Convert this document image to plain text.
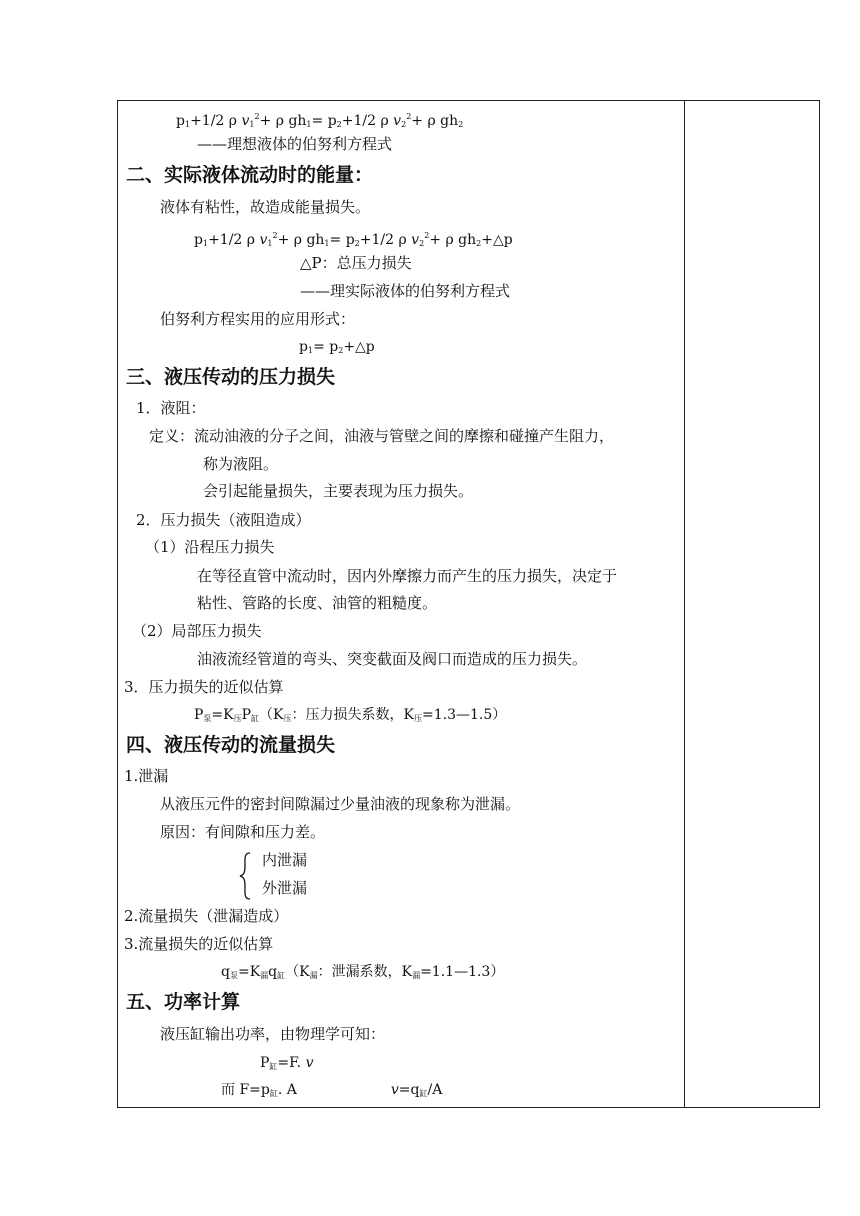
$p_1+1/2$ ρ $v_1^2+ \rho$ $gh_1= p_2+1/2$ ρ $v_2^2+ \rho$ $gh_2$
——理想液体的伯努利方程式
二、实际液体流动时的能量：
液体有粘性，故造成能量损失。
$p_1+1/2$ ρ $v_1^2+ \rho$ $gh_1= p_2+1/2$ ρ $v_2^2+ \rho$ $gh_2+\triangle p$
△P：总压力损失
——理实际液体的伯努利方程式
伯努利方程实用的应用形式：
$p_1=$ $p_2+\triangle p$
三、液压传动的压力损失
1．液阻：
定义：流动油液的分子之间，油液与管壁之间的摩擦和碰撞产生阻力，
称为液阻。
会引起能量损失，主要表现为压力损失。
2．压力损失（液阻造成）
（1）沿程压力损失
在等径直管中流动时，因内外摩擦力而产生的压力损失，决定于
粘性、管路的长度、油管的粗糙度。
（2）局部压力损失
油液流经管道的弯头、突变截面及阀口而造成的压力损失。
3．压力损失的近似估算
$P_泵=K_压P_缸(K_压$：压力损失系数，$K_压=1.3—1.5$）
四、液压传动的流量损失
1.泄漏
从液压元件的密封间隙漏过少量油液的现象称为泄漏。
原因：有间隙和压力差。
内泄漏
外泄漏
2.流量损失（泄漏造成）
3.流量损失的近似估算
$q_泵=K_漏q_缸(K_漏$：泄漏系数，$K_漏=1.1—1.3$）
五、功率计算
液压缸输出功率，由物理学可知：
$P_缸=F$. v
而 $F=p_缸$. A	$v=q_缸/A$
